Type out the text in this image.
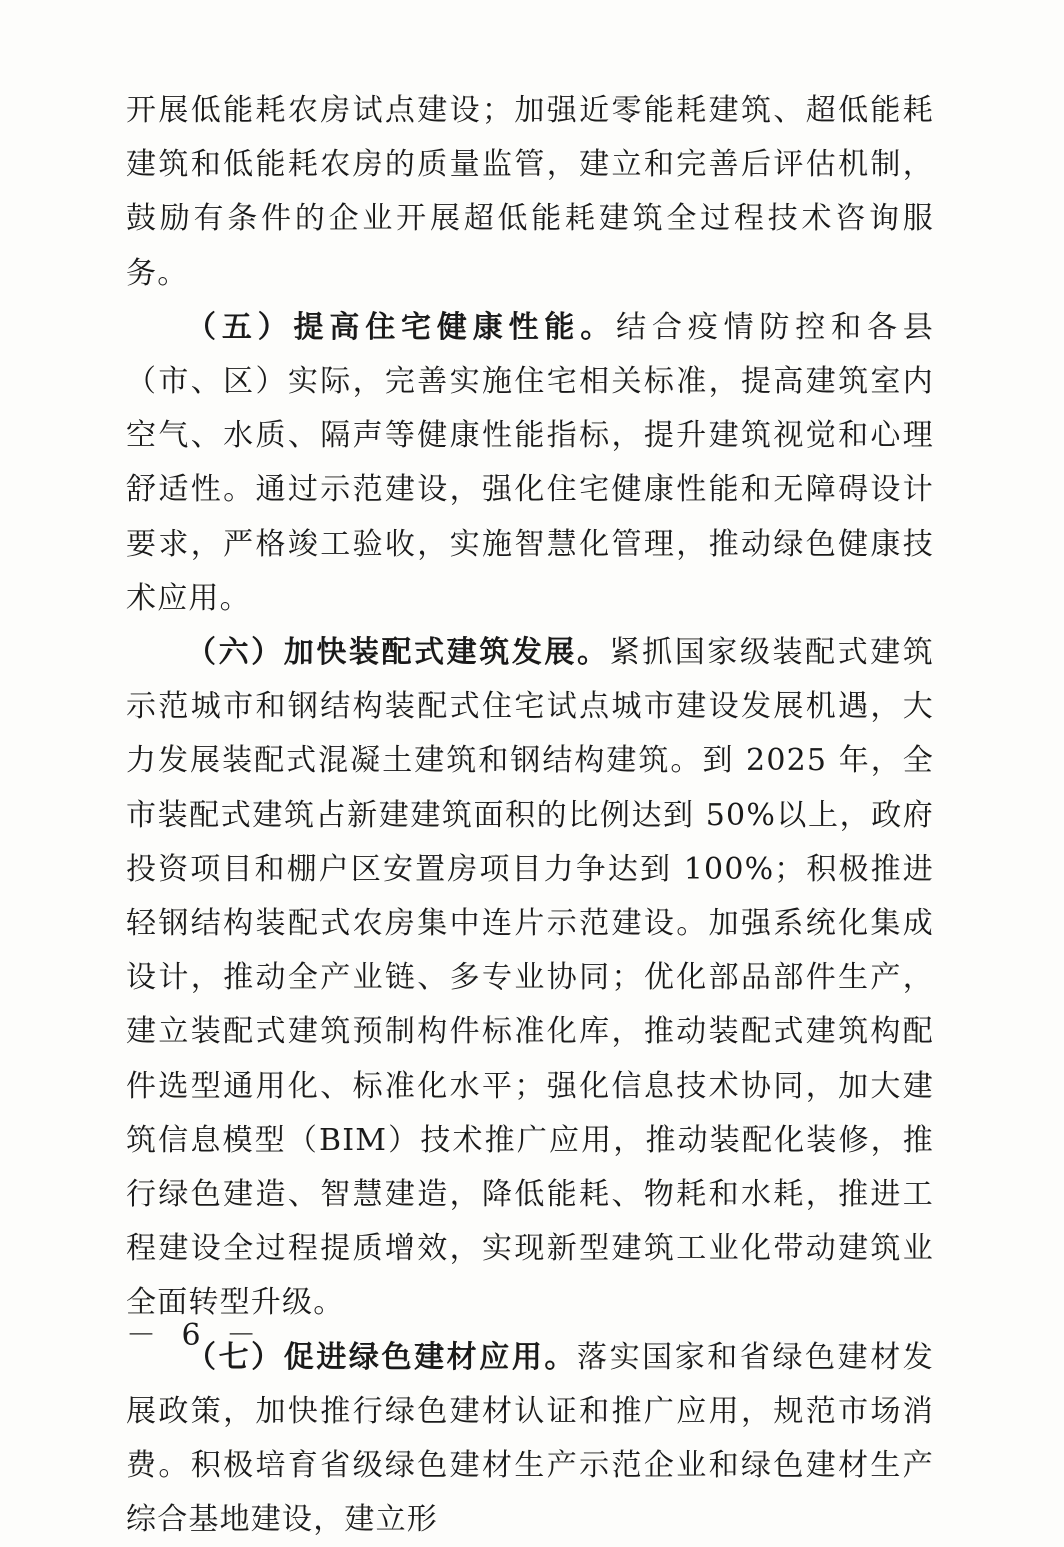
开展低能耗农房试点建设；加强近零能耗建筑、超低能耗建筑和低能耗农房的质量监管，建立和完善后评估机制，鼓励有条件的企业开展超低能耗建筑全过程技术咨询服务。

（五）提高住宅健康性能。结合疫情防控和各县（市、区）实际，完善实施住宅相关标准，提高建筑室内空气、水质、隔声等健康性能指标，提升建筑视觉和心理舒适性。通过示范建设，强化住宅健康性能和无障碍设计要求，严格竣工验收，实施智慧化管理，推动绿色健康技术应用。

（六）加快装配式建筑发展。紧抓国家级装配式建筑示范城市和钢结构装配式住宅试点城市建设发展机遇，大力发展装配式混凝土建筑和钢结构建筑。到 2025 年，全市装配式建筑占新建建筑面积的比例达到 50%以上，政府投资项目和棚户区安置房项目力争达到 100%；积极推进轻钢结构装配式农房集中连片示范建设。加强系统化集成设计，推动全产业链、多专业协同；优化部品部件生产，建立装配式建筑预制构件标准化库，推动装配式建筑构配件选型通用化、标准化水平；强化信息技术协同，加大建筑信息模型（BIM）技术推广应用，推动装配化装修，推行绿色建造、智慧建造，降低能耗、物耗和水耗，推进工程建设全过程提质增效，实现新型建筑工业化带动建筑业全面转型升级。

（七）促进绿色建材应用。落实国家和省绿色建材发展政策，加快推行绿色建材认证和推广应用，规范市场消费。积极培育省级绿色建材生产示范企业和绿色建材生产综合基地建设，建立形

－ 6 －
